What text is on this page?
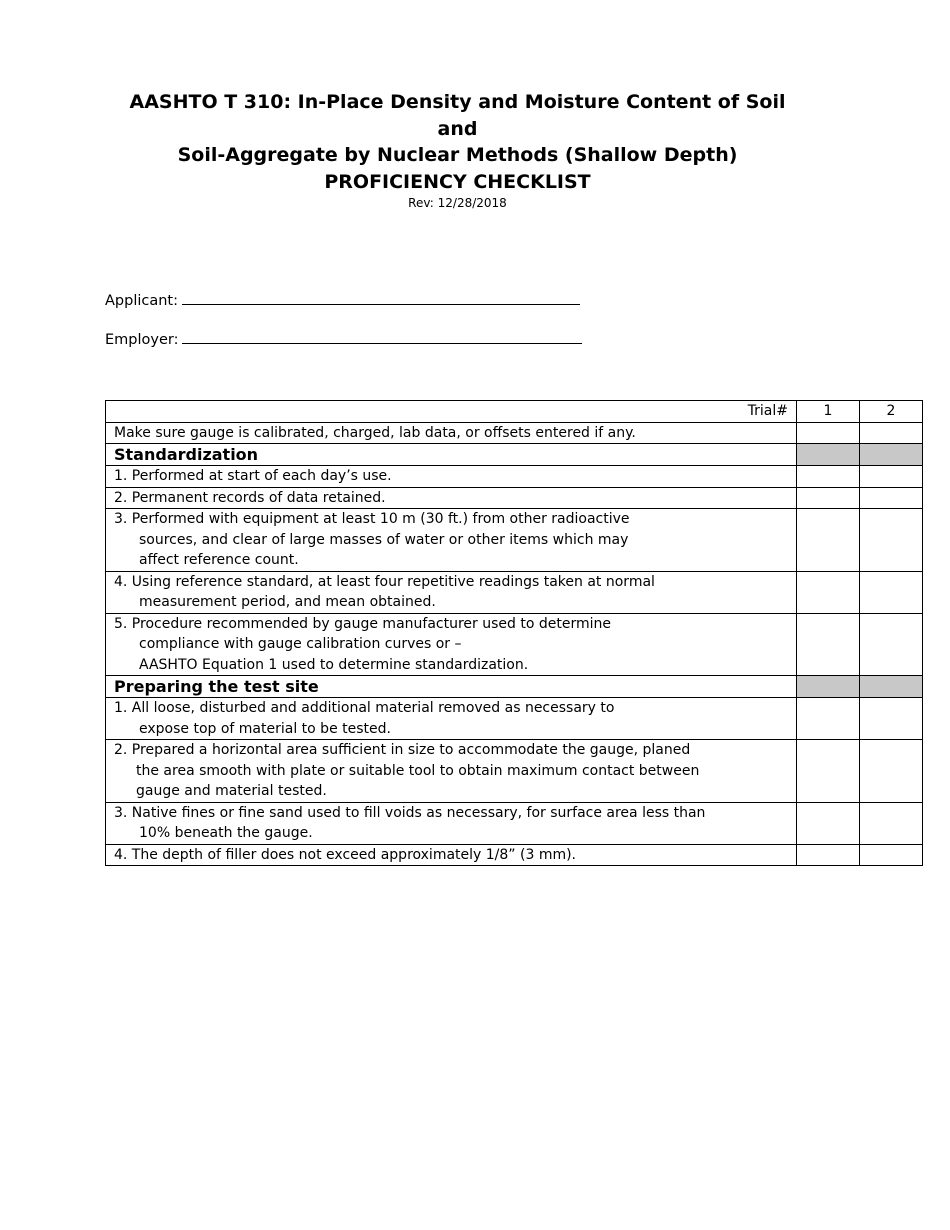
AASHTO T 310: In-Place Density and Moisture Content of Soil
and
Soil-Aggregate by Nuclear Methods (Shallow Depth)
PROFICIENCY CHECKLIST
Rev: 12/28/2018
Applicant:
Employer:
Trial#	1	2
Make sure gauge is calibrated, charged, lab data, or offsets entered if any.		
Standardization		
1. Performed at start of each day’s use.		
2. Permanent records of data retained.		
3. Performed with equipment at least 10 m (30 ft.) from other radioactive
sources, and clear of large masses of water or other items which may
affect reference count.		

4. Using reference standard, at least four repetitive readings taken at normal
measurement period, and mean obtained.		

5. Procedure recommended by gauge manufacturer used to determine
compliance with gauge calibration curves or –
AASHTO Equation 1 used to determine standardization.		

Preparing the test site		
1. All loose, disturbed and additional material removed as necessary to
expose top of material to be tested.		

2. Prepared a horizontal area sufficient in size to accommodate the gauge, planed
the area smooth with plate or suitable tool to obtain maximum contact between
gauge and material tested.		

3. Native fines or fine sand used to fill voids as necessary, for surface area less than
10% beneath the gauge.		

4. The depth of filler does not exceed approximately 1/8” (3 mm).		
